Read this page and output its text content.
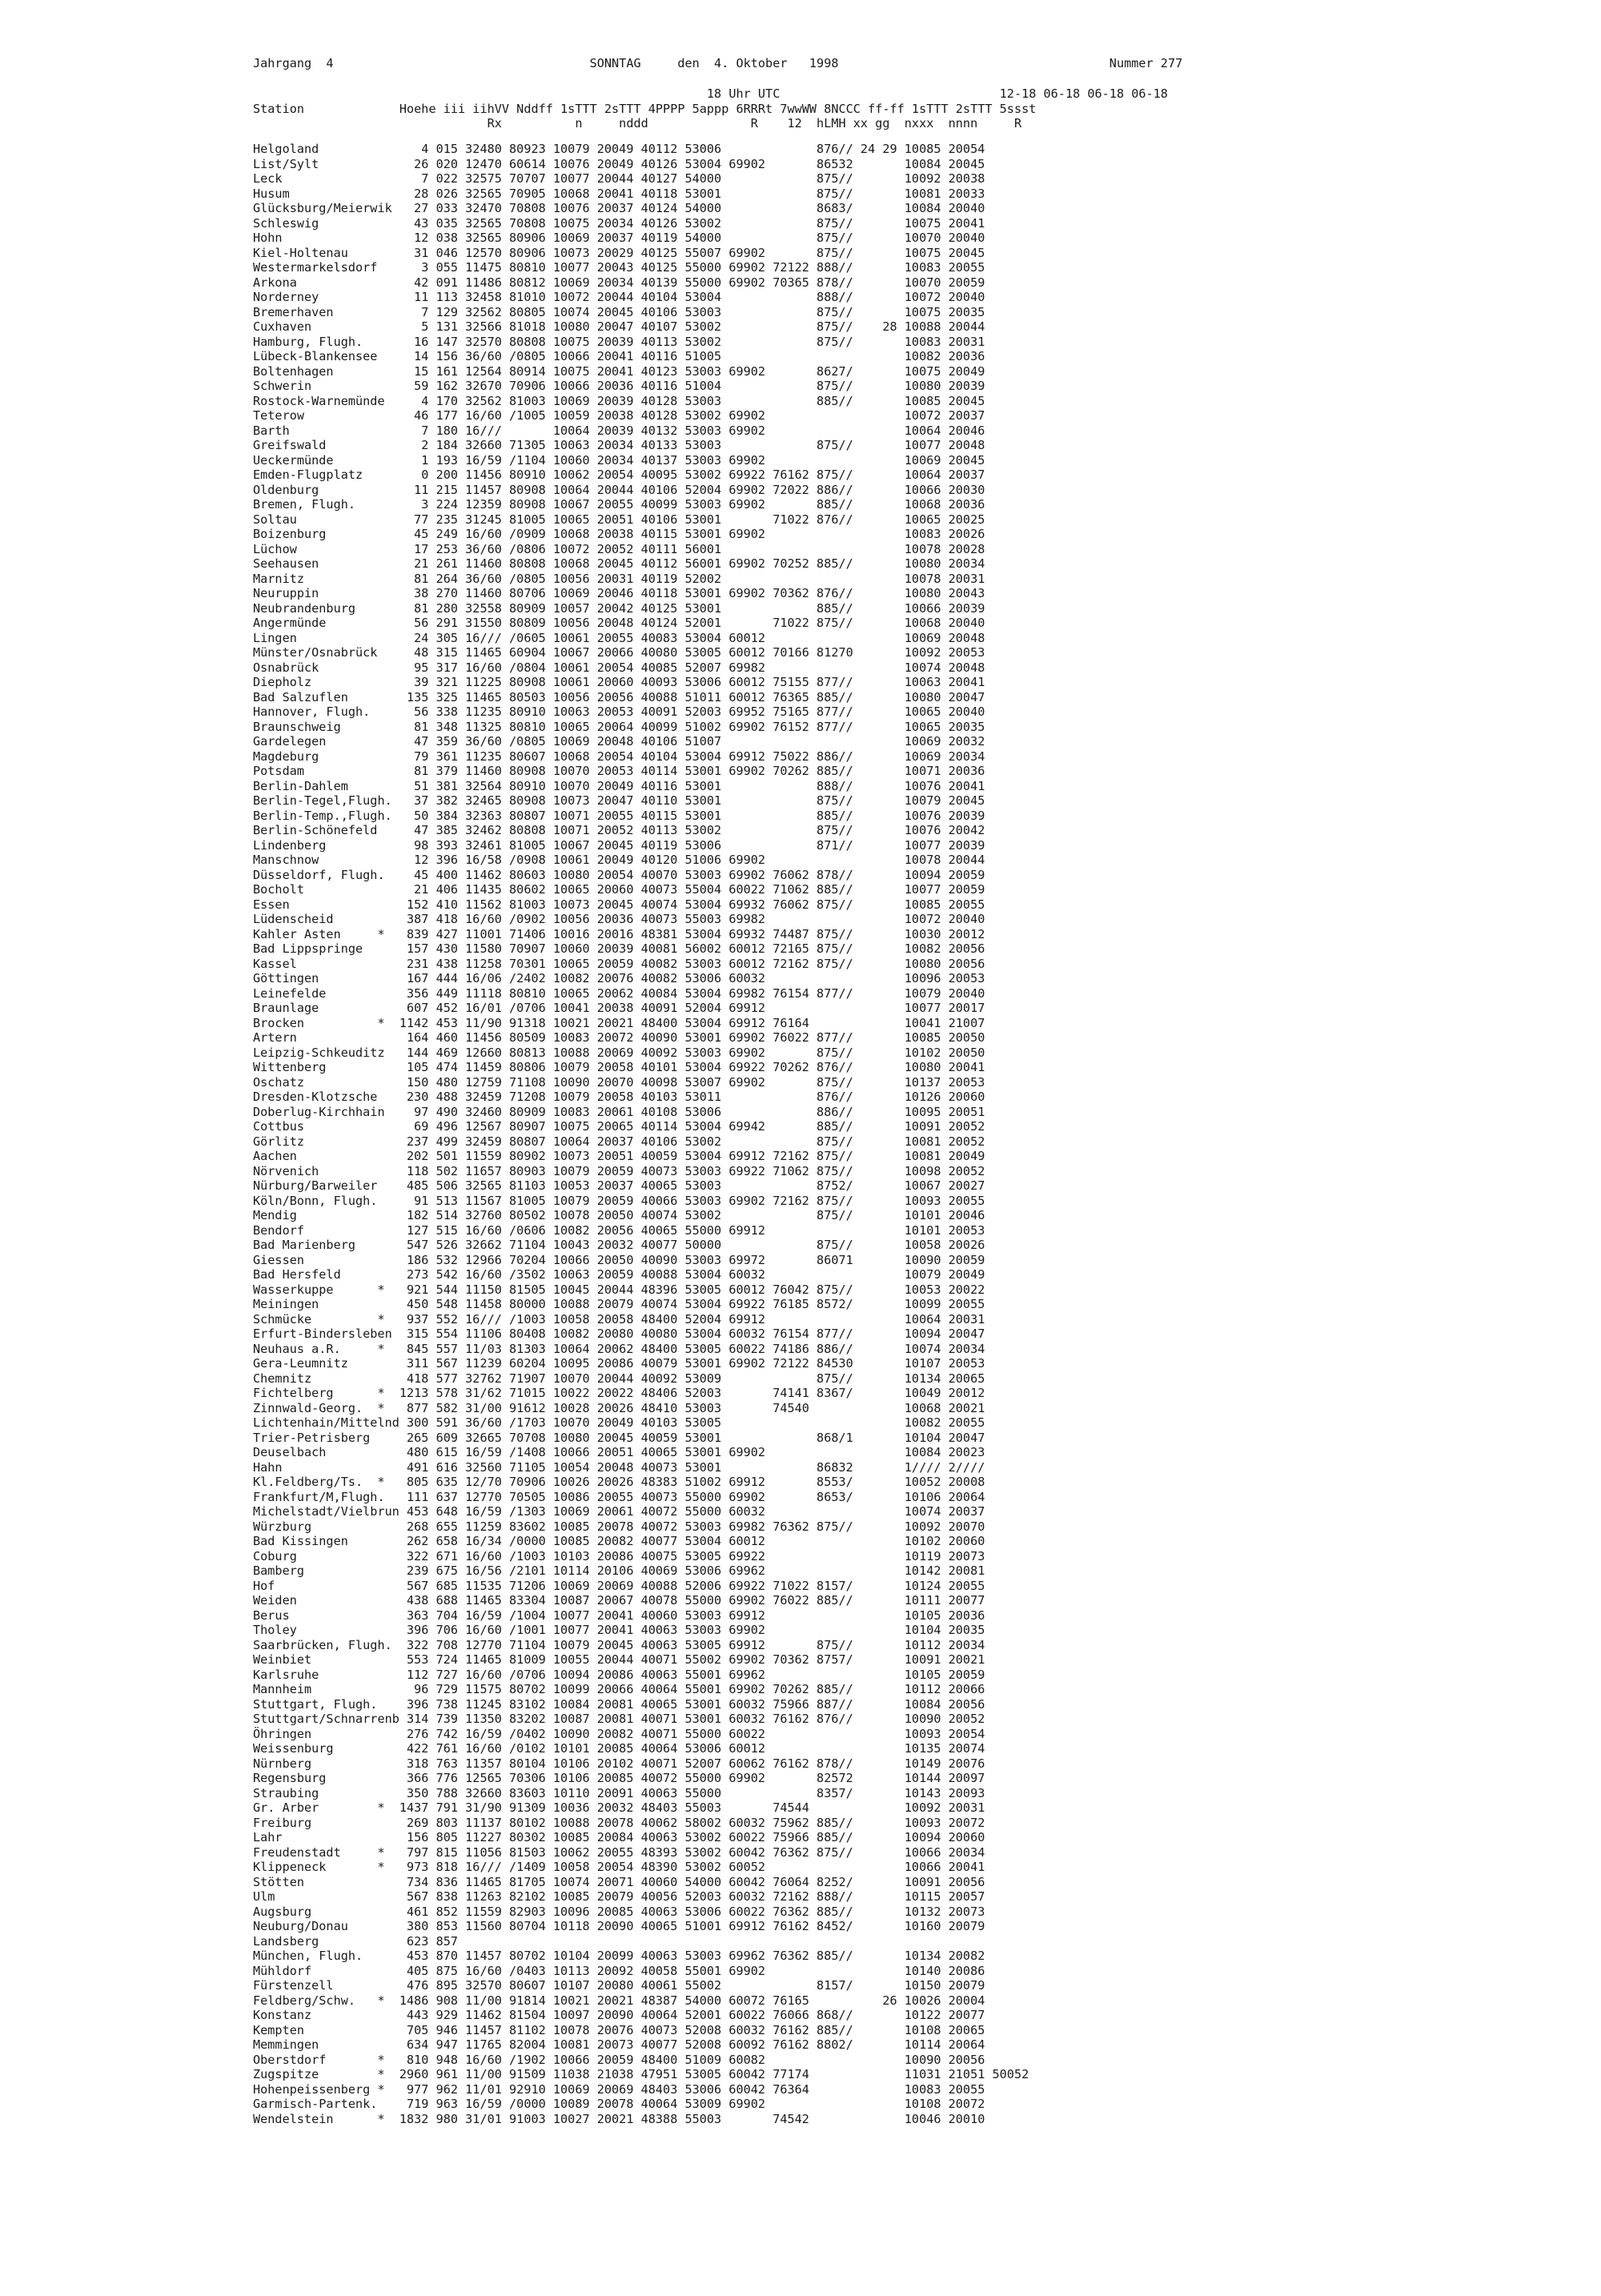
Jahrgang  4                                   SONNTAG     den  4. Oktober   1998                                     Nummer 277
18 Uhr UTC                              12-18 06-18 06-18 06-18
Station             Hoehe iii iihVV Nddff 1sTTT 2sTTT 4PPPP 5appp 6RRRt 7wwWW 8NCCC ff-ff 1sTTT 2sTTT 5ssst
Rx          n     nddd              R    12  hLMH xx gg  nxxx  nnnn     R
Helgoland              4 015 32480 80923 10079 20049 40112 53006             876// 24 29 10085 20054
List/Sylt             26 020 12470 60614 10076 20049 40126 53004 69902       86532       10084 20045
Leck                   7 022 32575 70707 10077 20044 40127 54000             875//       10092 20038
Husum                 28 026 32565 70905 10068 20041 40118 53001             875//       10081 20033
Glücksburg/Meierwik   27 033 32470 70808 10076 20037 40124 54000             8683/       10084 20040
Schleswig             43 035 32565 70808 10075 20034 40126 53002             875//       10075 20041
Hohn                  12 038 32565 80906 10069 20037 40119 54000             875//       10070 20040
Kiel-Holtenau         31 046 12570 80906 10073 20029 40125 55007 69902       875//       10075 20045
Westermarkelsdorf      3 055 11475 80810 10077 20043 40125 55000 69902 72122 888//       10083 20055
Arkona                42 091 11486 80812 10069 20034 40139 55000 69902 70365 878//       10070 20059
Norderney             11 113 32458 81010 10072 20044 40104 53004             888//       10072 20040
Bremerhaven            7 129 32562 80805 10074 20045 40106 53003             875//       10075 20035
Cuxhaven               5 131 32566 81018 10080 20047 40107 53002             875//    28 10088 20044
Hamburg, Flugh.       16 147 32570 80808 10075 20039 40113 53002             875//       10083 20031
Lübeck-Blankensee     14 156 36/60 /0805 10066 20041 40116 51005                         10082 20036
Boltenhagen           15 161 12564 80914 10075 20041 40123 53003 69902       8627/       10075 20049
Schwerin              59 162 32670 70906 10066 20036 40116 51004             875//       10080 20039
Rostock-Warnemünde     4 170 32562 81003 10069 20039 40128 53003             885//       10085 20045
Teterow               46 177 16/60 /1005 10059 20038 40128 53002 69902                   10072 20037
Barth                  7 180 16///       10064 20039 40132 53003 69902                   10064 20046
Greifswald             2 184 32660 71305 10063 20034 40133 53003             875//       10077 20048
Ueckermünde            1 193 16/59 /1104 10060 20034 40137 53003 69902                   10069 20045
Emden-Flugplatz        0 200 11456 80910 10062 20054 40095 53002 69922 76162 875//       10064 20037
Oldenburg             11 215 11457 80908 10064 20044 40106 52004 69902 72022 886//       10066 20030
Bremen, Flugh.         3 224 12359 80908 10067 20055 40099 53003 69902       885//       10068 20036
Soltau                77 235 31245 81005 10065 20051 40106 53001       71022 876//       10065 20025
Boizenburg            45 249 16/60 /0909 10068 20038 40115 53001 69902                   10083 20026
Lüchow                17 253 36/60 /0806 10072 20052 40111 56001                         10078 20028
Seehausen             21 261 11460 80808 10068 20045 40112 56001 69902 70252 885//       10080 20034
Marnitz               81 264 36/60 /0805 10056 20031 40119 52002                         10078 20031
Neuruppin             38 270 11460 80706 10069 20046 40118 53001 69902 70362 876//       10080 20043
Neubrandenburg        81 280 32558 80909 10057 20042 40125 53001             885//       10066 20039
Angermünde            56 291 31550 80809 10056 20048 40124 52001       71022 875//       10068 20040
Lingen                24 305 16/// /0605 10061 20055 40083 53004 60012                   10069 20048
Münster/Osnabrück     48 315 11465 60904 10067 20066 40080 53005 60012 70166 81270       10092 20053
Osnabrück             95 317 16/60 /0804 10061 20054 40085 52007 69982                   10074 20048
Diepholz              39 321 11225 80908 10061 20060 40093 53006 60012 75155 877//       10063 20041
Bad Salzuflen        135 325 11465 80503 10056 20056 40088 51011 60012 76365 885//       10080 20047
Hannover, Flugh.      56 338 11235 80910 10063 20053 40091 52003 69952 75165 877//       10065 20040
Braunschweig          81 348 11325 80810 10065 20064 40099 51002 69902 76152 877//       10065 20035
Gardelegen            47 359 36/60 /0805 10069 20048 40106 51007                         10069 20032
Magdeburg             79 361 11235 80607 10068 20054 40104 53004 69912 75022 886//       10069 20034
Potsdam               81 379 11460 80908 10070 20053 40114 53001 69902 70262 885//       10071 20036
Berlin-Dahlem         51 381 32564 80910 10070 20049 40116 53001             888//       10076 20041
Berlin-Tegel,Flugh.   37 382 32465 80908 10073 20047 40110 53001             875//       10079 20045
Berlin-Temp.,Flugh.   50 384 32363 80807 10071 20055 40115 53001             885//       10076 20039
Berlin-Schönefeld     47 385 32462 80808 10071 20052 40113 53002             875//       10076 20042
Lindenberg            98 393 32461 81005 10067 20045 40119 53006             871//       10077 20039
Manschnow             12 396 16/58 /0908 10061 20049 40120 51006 69902                   10078 20044
Düsseldorf, Flugh.    45 400 11462 80603 10080 20054 40070 53003 69902 76062 878//       10094 20059
Bocholt               21 406 11435 80602 10065 20060 40073 55004 60022 71062 885//       10077 20059
Essen                152 410 11562 81003 10073 20045 40074 53004 69932 76062 875//       10085 20055
Lüdenscheid          387 418 16/60 /0902 10056 20036 40073 55003 69982                   10072 20040
Kahler Asten     *   839 427 11001 71406 10016 20016 48381 53004 69932 74487 875//       10030 20012
Bad Lippspringe      157 430 11580 70907 10060 20039 40081 56002 60012 72165 875//       10082 20056
Kassel               231 438 11258 70301 10065 20059 40082 53003 60012 72162 875//       10080 20056
Göttingen            167 444 16/06 /2402 10082 20076 40082 53006 60032                   10096 20053
Leinefelde           356 449 11118 80810 10065 20062 40084 53004 69982 76154 877//       10079 20040
Braunlage            607 452 16/01 /0706 10041 20038 40091 52004 69912                   10077 20017
Brocken          *  1142 453 11/90 91318 10021 20021 48400 53004 69912 76164             10041 21007
Artern               164 460 11456 80509 10083 20072 40090 53001 69902 76022 877//       10085 20050
Leipzig-Schkeuditz   144 469 12660 80813 10088 20069 40092 53003 69902       875//       10102 20050
Wittenberg           105 474 11459 80806 10079 20058 40101 53004 69922 70262 876//       10080 20041
Oschatz              150 480 12759 71108 10090 20070 40098 53007 69902       875//       10137 20053
Dresden-Klotzsche    230 488 32459 71208 10079 20058 40103 53011             876//       10126 20060
Doberlug-Kirchhain    97 490 32460 80909 10083 20061 40108 53006             886//       10095 20051
Cottbus               69 496 12567 80907 10075 20065 40114 53004 69942       885//       10091 20052
Görlitz              237 499 32459 80807 10064 20037 40106 53002             875//       10081 20052
Aachen               202 501 11559 80902 10073 20051 40059 53004 69912 72162 875//       10081 20049
Nörvenich            118 502 11657 80903 10079 20059 40073 53003 69922 71062 875//       10098 20052
Nürburg/Barweiler    485 506 32565 81103 10053 20037 40065 53003             8752/       10067 20027
Köln/Bonn, Flugh.     91 513 11567 81005 10079 20059 40066 53003 69902 72162 875//       10093 20055
Mendig               182 514 32760 80502 10078 20050 40074 53002             875//       10101 20046
Bendorf              127 515 16/60 /0606 10082 20056 40065 55000 69912                   10101 20053
Bad Marienberg       547 526 32662 71104 10043 20032 40077 50000             875//       10058 20026
Giessen              186 532 12966 70204 10066 20050 40090 53003 69972       86071       10090 20059
Bad Hersfeld         273 542 16/60 /3502 10063 20059 40088 53004 60032                   10079 20049
Wasserkuppe      *   921 544 11150 81505 10045 20044 48396 53005 60012 76042 875//       10053 20022
Meiningen            450 548 11458 80000 10088 20079 40074 53004 69922 76185 8572/       10099 20055
Schmücke         *   937 552 16/// /1003 10058 20058 48400 52004 69912                   10064 20031
Erfurt-Bindersleben  315 554 11106 80408 10082 20080 40080 53004 60032 76154 877//       10094 20047
Neuhaus a.R.     *   845 557 11/03 81303 10064 20062 48400 53005 60022 74186 886//       10074 20034
Gera-Leumnitz        311 567 11239 60204 10095 20086 40079 53001 69902 72122 84530       10107 20053
Chemnitz             418 577 32762 71907 10070 20044 40092 53009             875//       10134 20065
Fichtelberg      *  1213 578 31/62 71015 10022 20022 48406 52003       74141 8367/       10049 20012
Zinnwald-Georg.  *   877 582 31/00 91612 10028 20026 48410 53003       74540             10068 20021
Lichtenhain/Mittelnd 300 591 36/60 /1703 10070 20049 40103 53005                         10082 20055
Trier-Petrisberg     265 609 32665 70708 10080 20045 40059 53001             868/1       10104 20047
Deuselbach           480 615 16/59 /1408 10066 20051 40065 53001 69902                   10084 20023
Hahn                 491 616 32560 71105 10054 20048 40073 53001             86832       1//// 2////
Kl.Feldberg/Ts.  *   805 635 12/70 70906 10026 20026 48383 51002 69912       8553/       10052 20008
Frankfurt/M,Flugh.   111 637 12770 70505 10086 20055 40073 55000 69902       8653/       10106 20064
Michelstadt/Vielbrun 453 648 16/59 /1303 10069 20061 40072 55000 60032                   10074 20037
Würzburg             268 655 11259 83602 10085 20078 40072 53003 69982 76362 875//       10092 20070
Bad Kissingen        262 658 16/34 /0000 10085 20082 40077 53004 60012                   10102 20060
Coburg               322 671 16/60 /1003 10103 20086 40075 53005 69922                   10119 20073
Bamberg              239 675 16/56 /2101 10114 20106 40069 53006 69962                   10142 20081
Hof                  567 685 11535 71206 10069 20069 40088 52006 69922 71022 8157/       10124 20055
Weiden               438 688 11465 83304 10087 20067 40078 55000 69902 76022 885//       10111 20077
Berus                363 704 16/59 /1004 10077 20041 40060 53003 69912                   10105 20036
Tholey               396 706 16/60 /1001 10077 20041 40063 53003 69902                   10104 20035
Saarbrücken, Flugh.  322 708 12770 71104 10079 20045 40063 53005 69912       875//       10112 20034
Weinbiet             553 724 11465 81009 10055 20044 40071 55002 69902 70362 8757/       10091 20021
Karlsruhe            112 727 16/60 /0706 10094 20086 40063 55001 69962                   10105 20059
Mannheim              96 729 11575 80702 10099 20066 40064 55001 69902 70262 885//       10112 20066
Stuttgart, Flugh.    396 738 11245 83102 10084 20081 40065 53001 60032 75966 887//       10084 20056
Stuttgart/Schnarrenb 314 739 11350 83202 10087 20081 40071 53001 60032 76162 876//       10090 20052
Öhringen             276 742 16/59 /0402 10090 20082 40071 55000 60022                   10093 20054
Weissenburg          422 761 16/60 /0102 10101 20085 40064 53006 60012                   10135 20074
Nürnberg             318 763 11357 80104 10106 20102 40071 52007 60062 76162 878//       10149 20076
Regensburg           366 776 12565 70306 10106 20085 40072 55000 69902       82572       10144 20097
Straubing            350 788 32660 83603 10110 20091 40063 55000             8357/       10143 20093
Gr. Arber        *  1437 791 31/90 91309 10036 20032 48403 55003       74544             10092 20031
Freiburg             269 803 11137 80102 10088 20078 40062 58002 60032 75962 885//       10093 20072
Lahr                 156 805 11227 80302 10085 20084 40063 53002 60022 75966 885//       10094 20060
Freudenstadt     *   797 815 11056 81503 10062 20055 48393 53002 60042 76362 875//       10066 20034
Klippeneck       *   973 818 16/// /1409 10058 20054 48390 53002 60052                   10066 20041
Stötten              734 836 11465 81705 10074 20071 40060 54000 60042 76064 8252/       10091 20056
Ulm                  567 838 11263 82102 10085 20079 40056 52003 60032 72162 888//       10115 20057
Augsburg             461 852 11559 82903 10096 20085 40063 53006 60022 76362 885//       10132 20073
Neuburg/Donau        380 853 11560 80704 10118 20090 40065 51001 69912 76162 8452/       10160 20079
Landsberg            623 857
München, Flugh.      453 870 11457 80702 10104 20099 40063 53003 69962 76362 885//       10134 20082
Mühldorf             405 875 16/60 /0403 10113 20092 40058 55001 69902                   10140 20086
Fürstenzell          476 895 32570 80607 10107 20080 40061 55002             8157/       10150 20079
Feldberg/Schw.   *  1486 908 11/00 91814 10021 20021 48387 54000 60072 76165          26 10026 20004
Konstanz             443 929 11462 81504 10097 20090 40064 52001 60022 76066 868//       10122 20077
Kempten              705 946 11457 81102 10078 20076 40073 52008 60032 76162 885//       10108 20065
Memmingen            634 947 11765 82004 10081 20073 40077 52008 60092 76162 8802/       10114 20064
Oberstdorf       *   810 948 16/60 /1902 10066 20059 48400 51009 60082                   10090 20056
Zugspitze        *  2960 961 11/00 91509 11038 21038 47951 53005 60042 77174             11031 21051 50052
Hohenpeissenberg *   977 962 11/01 92910 10069 20069 48403 53006 60042 76364             10083 20055
Garmisch-Partenk.    719 963 16/59 /0000 10089 20078 40064 53009 69902                   10108 20072
Wendelstein      *  1832 980 31/01 91003 10027 20021 48388 55003       74542             10046 20010
